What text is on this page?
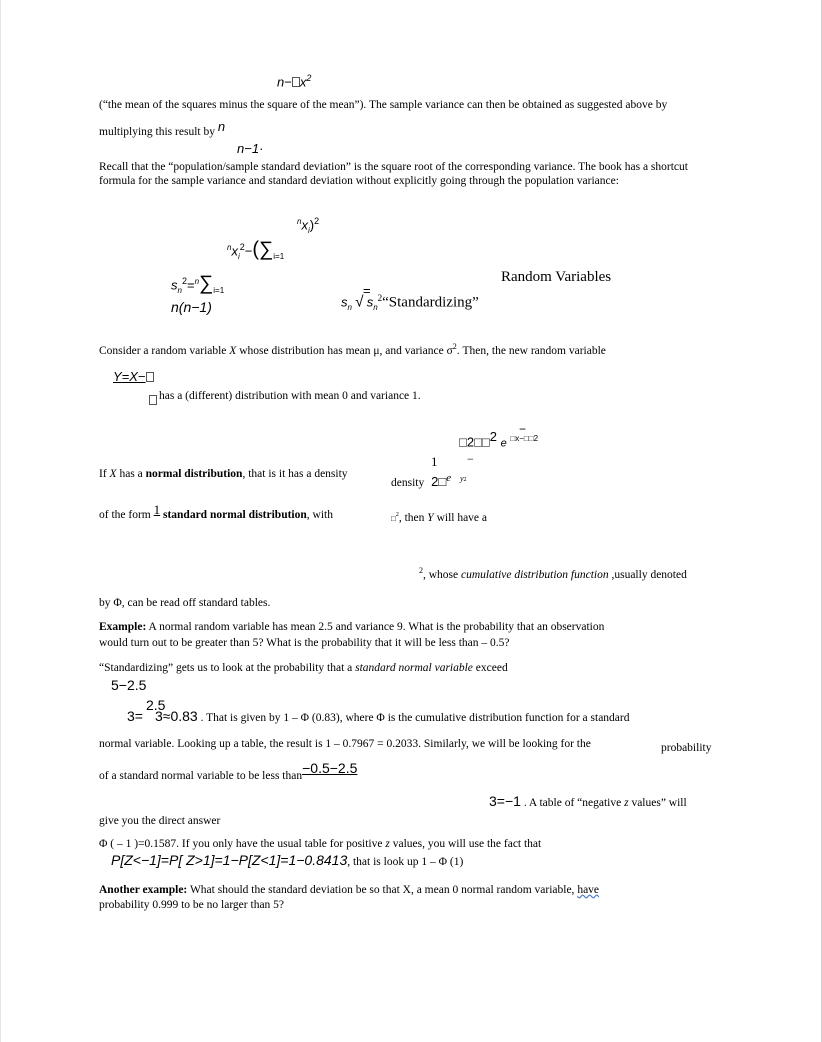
$n- x^2$
(“the mean of the squares minus the square of the mean”). The sample variance can then be obtained as suggested above by
multiplying this result by n
n−1·
Recall that the “population/sample standard deviation” is the square root of the corresponding variance. The book has a shortcut
formula for the sample variance and standard deviation without explicitly going through the population variance:
$^nx_i)^2$
$^nx_i^2-(\sum_{i=1}$
$s_n^2=^n\sum_{i=1}$
n(n−1)
=
$s_n$ √ $s_n^2“Standardizing$”
Random Variables
Consider a random variable X whose distribution has mean μ, and variance $\sigma^2$. Then, the new random variable
Y=X−
has a (different) distribution with mean 0 and variance 1.
□2□□$^2$ e $^{□x-□□2}$
−
1 −
If X has a normal distribution, that is it has a density
density 2□$^e$ $^{y2}$
of the form 1 standard normal distribution, with	□$^2$, then Y will have a
$^2$, whose cumulative distribution function ,usually denoted
by Φ, can be read off standard tables.
Example: A normal random variable has mean 2.5 and variance 9. What is the probability that an observation
would turn out to be greater than 5? What is the probability that it will be less than – 0.5?
“Standardizing” gets us to look at the probability that a standard normal variable exceed
5−2.5
2.5
3= 3≈0.83 . That is given by 1 – Φ (0.83), where Φ is the cumulative distribution function for a standard
normal variable. Looking up a table, the result is 1 – 0.7967 = 0.2033. Similarly, we will be looking for the	probability
of a standard normal variable to be less than−0.5−2.5
3=−1 . A table of “negative z values” will
give you the direct answer
Φ ( – 1 )=0.1587. If you only have the usual table for positive z values, you will use the fact that
P[Z<−1]=P[ Z>1]=1−P[Z<1]=1−0.8413, that is look up 1 – Φ (1)
Another example: What should the standard deviation be so that X, a mean 0 normal random variable, have
probability 0.999 to be no larger than 5?
